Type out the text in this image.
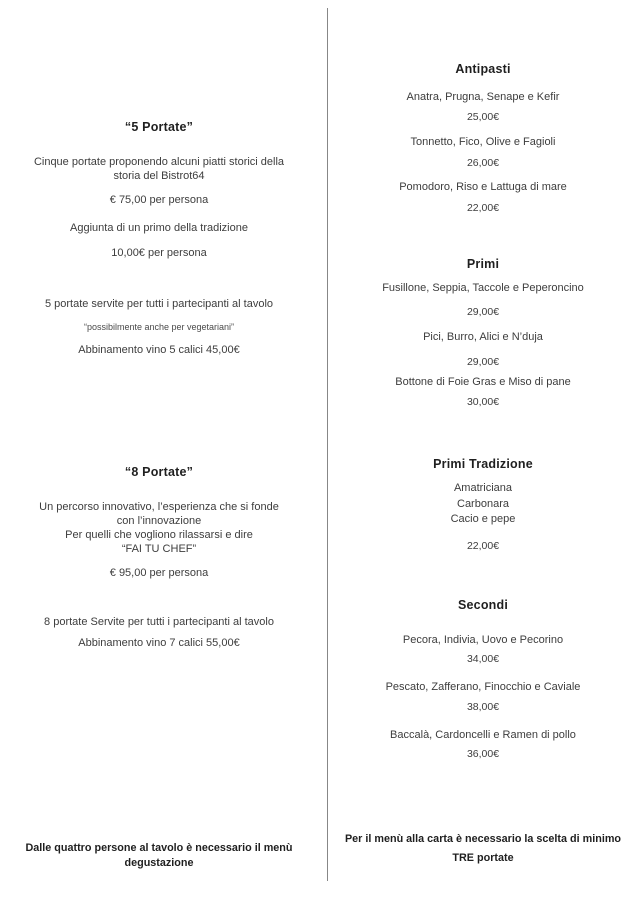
“5 Portate”
Cinque portate proponendo alcuni piatti storici della
storia del Bistrot64
€ 75,00 per persona
Aggiunta di un primo della tradizione
10,00€ per persona
5 portate servite per tutti i partecipanti al tavolo
“possibilmente anche per vegetariani”
Abbinamento vino 5 calici 45,00€
“8 Portate”
Un percorso innovativo, l’esperienza che si fonde
con l’innovazione
Per quelli che vogliono rilassarsi e dire
“FAI TU CHEF”
€ 95,00 per persona
8 portate Servite per tutti i partecipanti al tavolo
Abbinamento vino 7 calici 55,00€
Dalle quattro persone al tavolo è necessario il menù
degustazione
Antipasti
Anatra, Prugna, Senape e Kefir
25,00€
Tonnetto, Fico, Olive e Fagioli
26,00€
Pomodoro, Riso e Lattuga di mare
22,00€
Primi
Fusillone, Seppia, Taccole e Peperoncino
29,00€
Pici, Burro, Alici e N’duja
29,00€
Bottone di Foie Gras e Miso di pane
30,00€
Primi Tradizione
Amatriciana
Carbonara
Cacio e pepe
22,00€
Secondi
Pecora, Indivia, Uovo e Pecorino
34,00€
Pescato, Zafferano, Finocchio e Caviale
38,00€
Baccalà, Cardoncelli e Ramen di pollo
36,00€
Per il menù alla carta è necessario la scelta di minimo
TRE portate
